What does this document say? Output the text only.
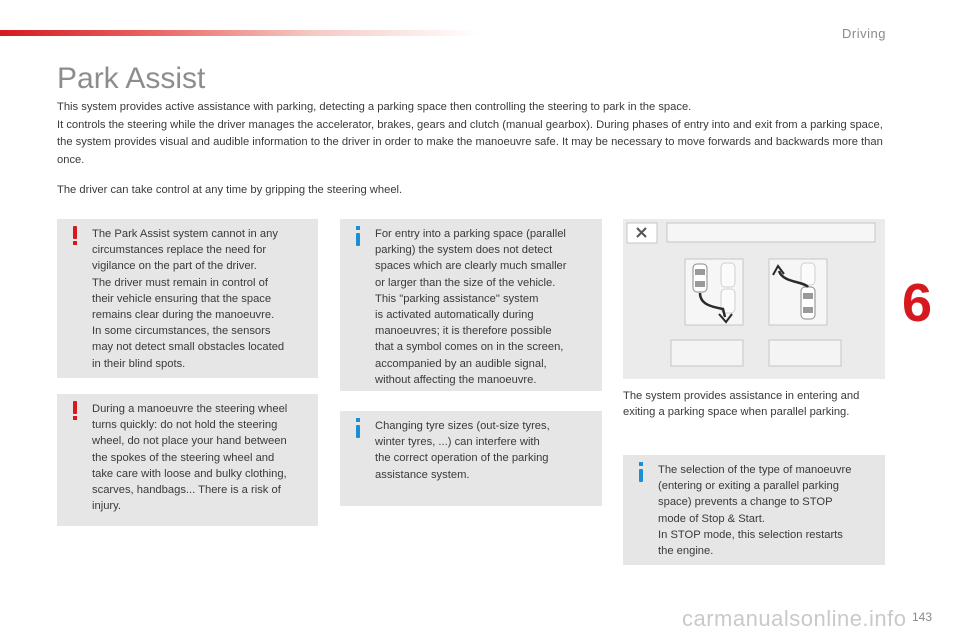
Driving
Park Assist

This system provides active assistance with parking, detecting a parking space then controlling the steering to park in the space.

It controls the steering while the driver manages the accelerator, brakes, gears and clutch (manual gearbox). During phases of entry into and exit from a parking space, the system provides visual and audible information to the driver in order to make the manoeuvre safe. It may be necessary to move forwards and backwards more than once.

The driver can take control at any time by gripping the steering wheel.
The Park Assist system cannot in any
circumstances replace the need for
vigilance on the part of the driver.
The driver must remain in control of
their vehicle ensuring that the space
remains clear during the manoeuvre.
In some circumstances, the sensors
may not detect small obstacles located
in their blind spots.
During a manoeuvre the steering wheel
turns quickly: do not hold the steering
wheel, do not place your hand between
the spokes of the steering wheel and
take care with loose and bulky clothing,
scarves, handbags... There is a risk of
injury.
For entry into a parking space (parallel
parking) the system does not detect
spaces which are clearly much smaller
or larger than the size of the vehicle.
This "parking assistance" system
is activated automatically during
manoeuvres; it is therefore possible
that a symbol comes on in the screen,
accompanied by an audible signal,
without affecting the manoeuvre.
Changing tyre sizes (out-size tyres,
winter tyres, ...) can interfere with
the correct operation of the parking
assistance system.
The system provides assistance in entering and exiting a parking space when parallel parking.
The selection of the type of manoeuvre
(entering or exiting a parallel parking
space) prevents a change to STOP
mode of Stop & Start.
In STOP mode, this selection restarts
the engine.
6
carmanualsonline.info 143
